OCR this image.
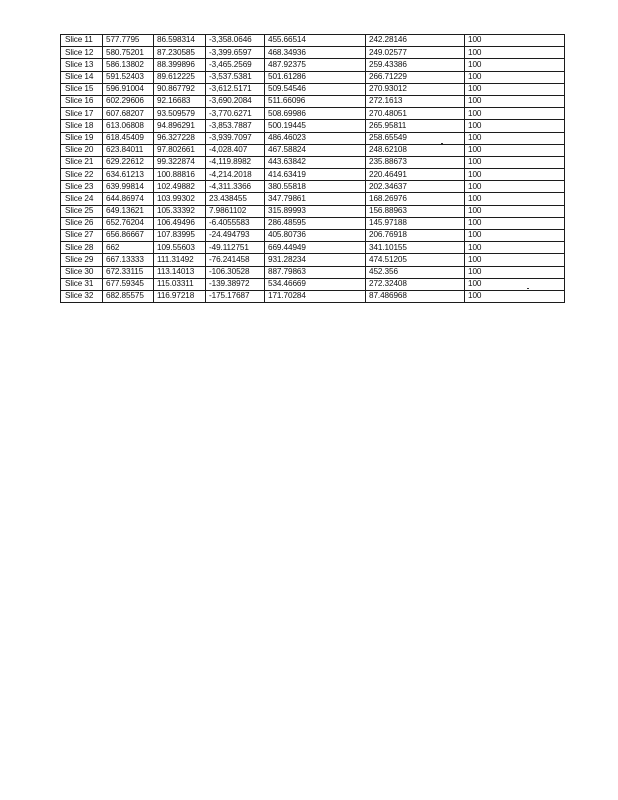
Slice 11	577.7795	86.598314	-3,358.0646	455.66514	242.28146	100
Slice 12	580.75201	87.230585	-3,399.6597	468.34936	249.02577	100
Slice 13	586.13802	88.399896	-3,465.2569	487.92375	259.43386	100
Slice 14	591.52403	89.612225	-3,537.5381	501.61286	266.71229	100
Slice 15	596.91004	90.867792	-3,612.5171	509.54546	270.93012	100
Slice 16	602.29606	92.16683	-3,690.2084	511.66096	272.1613	100
Slice 17	607.68207	93.509579	-3,770.6271	508.69986	270.48051	100
Slice 18	613.06808	94.896291	-3,853.7887	500.19445	265.95811	100
Slice 19	618.45409	96.327228	-3,939.7097	486.46023	258.65549	100
Slice 20	623.84011	97.802661	-4,028.407	467.58824	248.62108	100
Slice 21	629.22612	99.322874	-4,119.8982	443.63842	235.88673	100
Slice 22	634.61213	100.88816	-4,214.2018	414.63419	220.46491	100
Slice 23	639.99814	102.49882	-4,311.3366	380.55818	202.34637	100
Slice 24	644.86974	103.99302	23.438455	347.79861	168.26976	100
Slice 25	649.13621	105.33392	7.9861102	315.89993	156.88963	100
Slice 26	652.76204	106.49496	-6.4055583	286.48595	145.97188	100
Slice 27	656.86667	107.83995	-24.494793	405.80736	206.76918	100
Slice 28	662	109.55603	-49.112751	669.44949	341.10155	100
Slice 29	667.13333	111.31492	-76.241458	931.28234	474.51205	100
Slice 30	672.33115	113.14013	-106.30528	887.79863	452.356	100
Slice 31	677.59345	115.03311	-139.38972	534.46669	272.32408	100
Slice 32	682.85575	116.97218	-175.17687	171.70284	87.486968	100
